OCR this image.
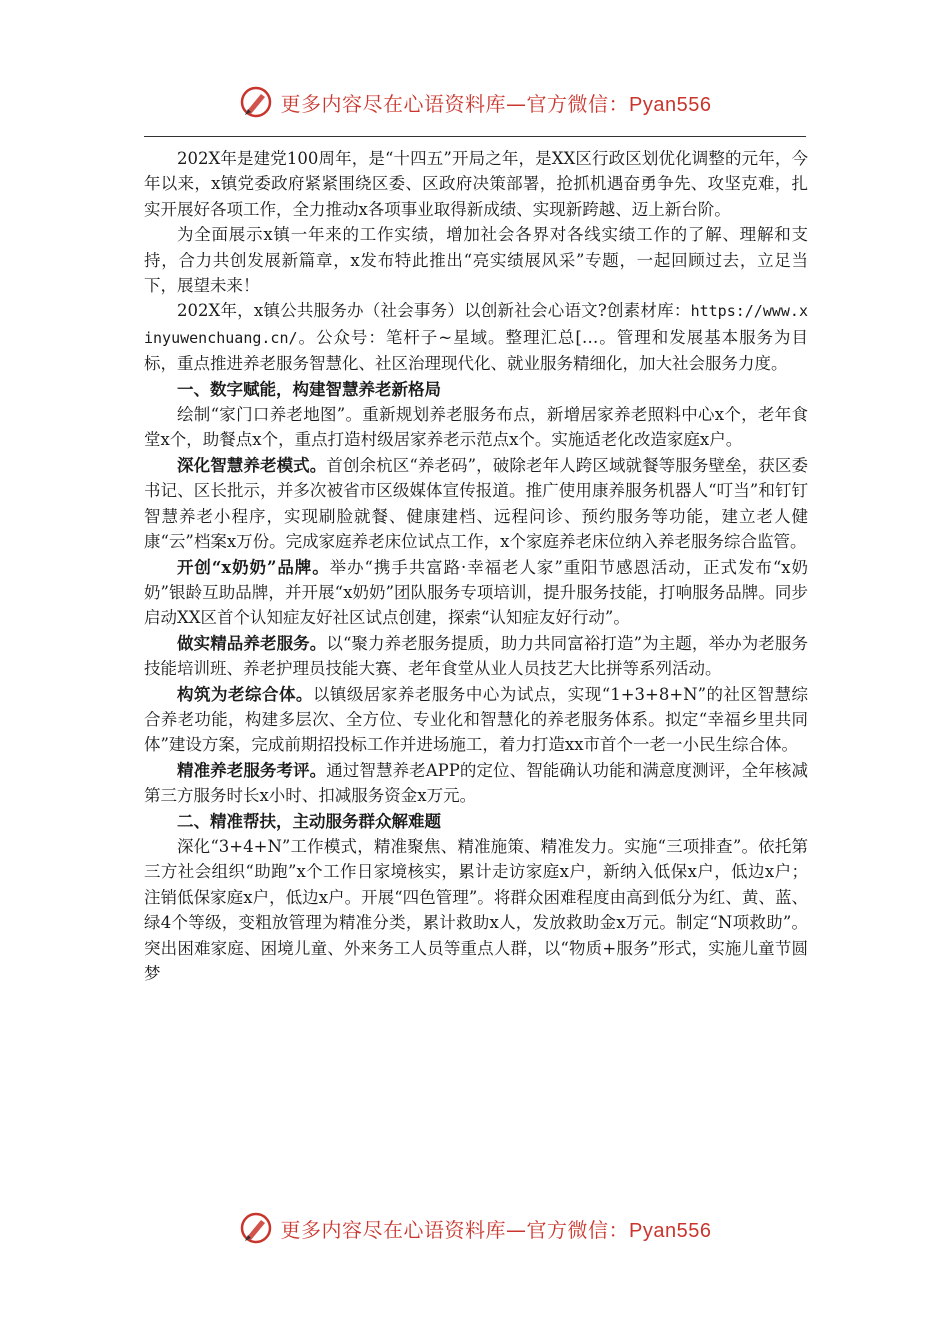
更多内容尽在心语资料库—官方微信：Pyan556

202X年是建党100周年，是“十四五”开局之年，是XX区行政区划优化调整的元年，今年以来，x镇党委政府紧紧围绕区委、区政府决策部署，抢抓机遇奋勇争先、攻坚克难，扎实开展好各项工作，全力推动x各项事业取得新成绩、实现新跨越、迈上新台阶。

为全面展示x镇一年来的工作实绩，增加社会各界对各线实绩工作的了解、理解和支持，合力共创发展新篇章，x发布特此推出“亮实绩展风采”专题，一起回顾过去，立足当下，展望未来！

202X年，x镇公共服务办（社会事务）以创新社会心语文?创素材库：https://www.xinyuwenchuang.cn/。公众号：笔杆子~星域。整理汇总[…。管理和发展基本服务为目标，重点推进养老服务智慧化、社区治理现代化、就业服务精细化，加大社会服务力度。

一、数字赋能，构建智慧养老新格局

绘制“家门口养老地图”。重新规划养老服务布点，新增居家养老照料中心x个，老年食堂x个，助餐点x个，重点打造村级居家养老示范点x个。实施适老化改造家庭x户。

深化智慧养老模式。首创余杭区“养老码”，破除老年人跨区域就餐等服务壁垒，获区委书记、区长批示，并多次被省市区级媒体宣传报道。推广使用康养服务机器人“叮当”和钉钉智慧养老小程序，实现刷脸就餐、健康建档、远程问诊、预约服务等功能，建立老人健康“云”档案x万份。完成家庭养老床位试点工作，x个家庭养老床位纳入养老服务综合监管。

开创“x奶奶”品牌。举办“携手共富路·幸福老人家”重阳节感恩活动，正式发布“x奶奶”银龄互助品牌，并开展“x奶奶”团队服务专项培训，提升服务技能，打响服务品牌。同步启动XX区首个认知症友好社区试点创建，探索“认知症友好行动”。

做实精品养老服务。以“聚力养老服务提质，助力共同富裕打造”为主题，举办为老服务技能培训班、养老护理员技能大赛、老年食堂从业人员技艺大比拼等系列活动。

构筑为老综合体。以镇级居家养老服务中心为试点，实现“1+3+8+N”的社区智慧综合养老功能，构建多层次、全方位、专业化和智慧化的养老服务体系。拟定“幸福乡里共同体”建设方案，完成前期招投标工作并进场施工，着力打造xx市首个一老一小民生综合体。

精准养老服务考评。通过智慧养老APP的定位、智能确认功能和满意度测评，全年核减第三方服务时长x小时、扣减服务资金x万元。

二、精准帮扶，主动服务群众解难题

深化“3+4+N”工作模式，精准聚焦、精准施策、精准发力。实施“三项排查”。依托第三方社会组织“助跑”x个工作日家境核实，累计走访家庭x户，新纳入低保x户，低边x户；注销低保家庭x户，低边x户。开展“四色管理”。将群众困难程度由高到低分为红、黄、蓝、绿4个等级，变粗放管理为精准分类，累计救助x人，发放救助金x万元。制定“N项救助”。突出困难家庭、困境儿童、外来务工人员等重点人群，以“物质+服务”形式，实施儿童节圆梦

更多内容尽在心语资料库—官方微信：Pyan556
